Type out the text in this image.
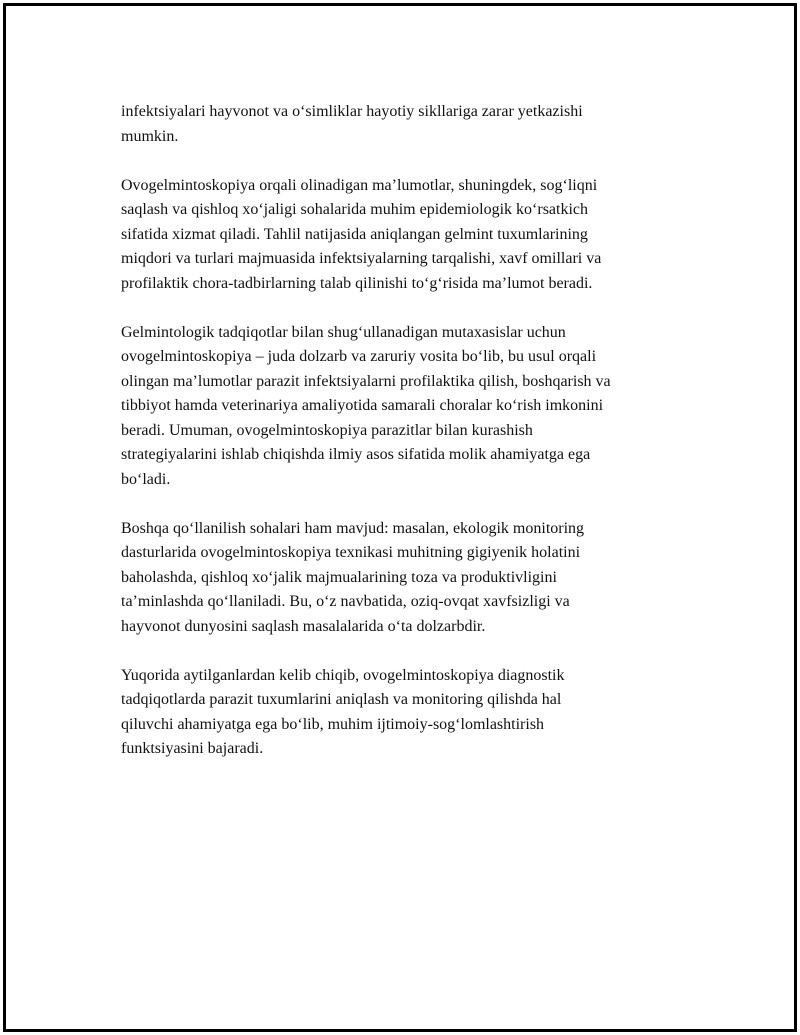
infektsiyalari hayvonot va o‘simliklar hayotiy sikllariga zarar yetkazishi
mumkin.
Ovogelmintoskopiya orqali olinadigan ma’lumotlar, shuningdek, sog‘liqni
saqlash va qishloq xo‘jaligi sohalarida muhim epidemiologik ko‘rsatkich
sifatida xizmat qiladi. Tahlil natijasida aniqlangan gelmint tuxumlarining
miqdori va turlari majmuasida infektsiyalarning tarqalishi, xavf omillari va
profilaktik chora-tadbirlarning talab qilinishi to‘g‘risida ma’lumot beradi.
Gelmintologik tadqiqotlar bilan shug‘ullanadigan mutaxasislar uchun
ovogelmintoskopiya – juda dolzarb va zaruriy vosita bo‘lib, bu usul orqali
olingan ma’lumotlar parazit infektsiyalarni profilaktika qilish, boshqarish va
tibbiyot hamda veterinariya amaliyotida samarali choralar ko‘rish imkonini
beradi. Umuman, ovogelmintoskopiya parazitlar bilan kurashish
strategiyalarini ishlab chiqishda ilmiy asos sifatida molik ahamiyatga ega
bo‘ladi.
Boshqa qo‘llanilish sohalari ham mavjud: masalan, ekologik monitoring
dasturlarida ovogelmintoskopiya texnikasi muhitning gigiyenik holatini
baholashda, qishloq xo‘jalik majmualarining toza va produktivligini
ta’minlashda qo‘llaniladi. Bu, o‘z navbatida, oziq-ovqat xavfsizligi va
hayvonot dunyosini saqlash masalalarida o‘ta dolzarbdir.
Yuqorida aytilganlardan kelib chiqib, ovogelmintoskopiya diagnostik
tadqiqotlarda parazit tuxumlarini aniqlash va monitoring qilishda hal
qiluvchi ahamiyatga ega bo‘lib, muhim ijtimoiy-sog‘lomlashtirish
funktsiyasini bajaradi.
